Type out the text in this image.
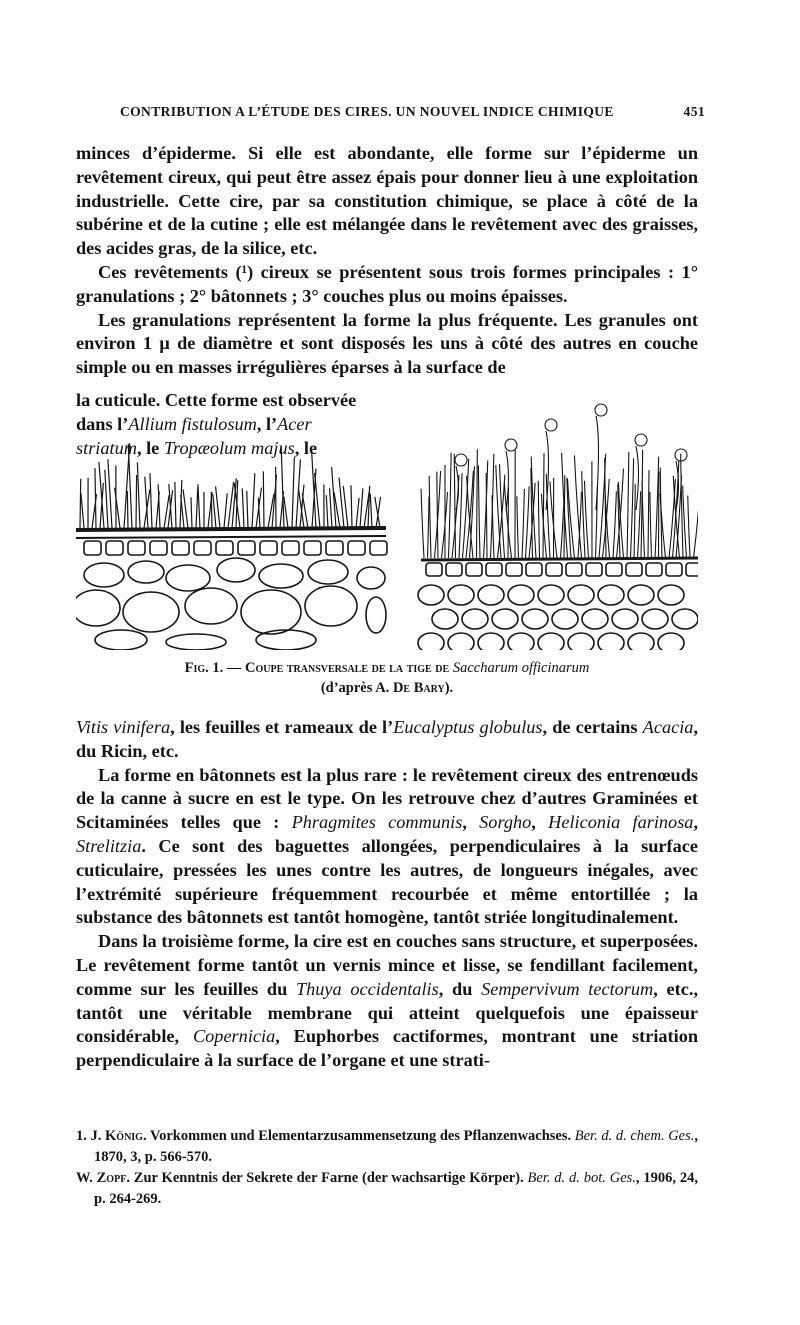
CONTRIBUTION A L’ÉTUDE DES CIRES. UN NOUVEL INDICE CHIMIQUE	451

minces d’épiderme. Si elle est abondante, elle forme sur l’épiderme un revêtement cireux, qui peut être assez épais pour donner lieu à une exploitation industrielle. Cette cire, par sa constitution chimique, se place à côté de la subérine et de la cutine ; elle est mélangée dans le revêtement avec des graisses, des acides gras, de la silice, etc.

Ces revêtements (¹) cireux se présentent sous trois formes principales : 1° granulations ; 2° bâtonnets ; 3° couches plus ou moins épaisses.

Les granulations représentent la forme la plus fréquente. Les granules ont environ 1 μ de diamètre et sont disposés les uns à côté des autres en couche simple ou en masses irrégulières éparses à la surface de

la cuticule. Cette forme est observée
dans l’Allium fistulosum, l’Acer
striatum, le Tropæolum majus, le
Fig. 1. — Coupe transversale de la tige de Saccharum officinarum
(d’après A. De Bary).

Vitis vinifera, les feuilles et rameaux de l’Eucalyptus globulus, de certains Acacia, du Ricin, etc.

La forme en bâtonnets est la plus rare : le revêtement cireux des entrenœuds de la canne à sucre en est le type. On les retrouve chez d’autres Graminées et Scitaminées telles que : Phragmites communis, Sorgho, Heliconia farinosa, Strelitzia. Ce sont des baguettes allongées, perpendiculaires à la surface cuticulaire, pressées les unes contre les autres, de longueurs inégales, avec l’extrémité supérieure fréquemment recourbée et même entortillée ; la substance des bâtonnets est tantôt homogène, tantôt striée longitudinalement.

Dans la troisième forme, la cire est en couches sans structure, et superposées. Le revêtement forme tantôt un vernis mince et lisse, se fendillant facilement, comme sur les feuilles du Thuya occidentalis, du Sempervivum tectorum, etc., tantôt une véritable membrane qui atteint quelquefois une épaisseur considérable, Copernicia, Euphorbes cactiformes, montrant une striation perpendiculaire à la surface de l’organe et une strati-

1. J. König. Vorkommen und Elementarzusammensetzung des Pflanzenwachses. Ber. d. d. chem. Ges., 1870, 3, p. 566-570.

W. Zopf. Zur Kenntnis der Sekrete der Farne (der wachsartige Körper). Ber. d. d. bot. Ges., 1906, 24, p. 264-269.
